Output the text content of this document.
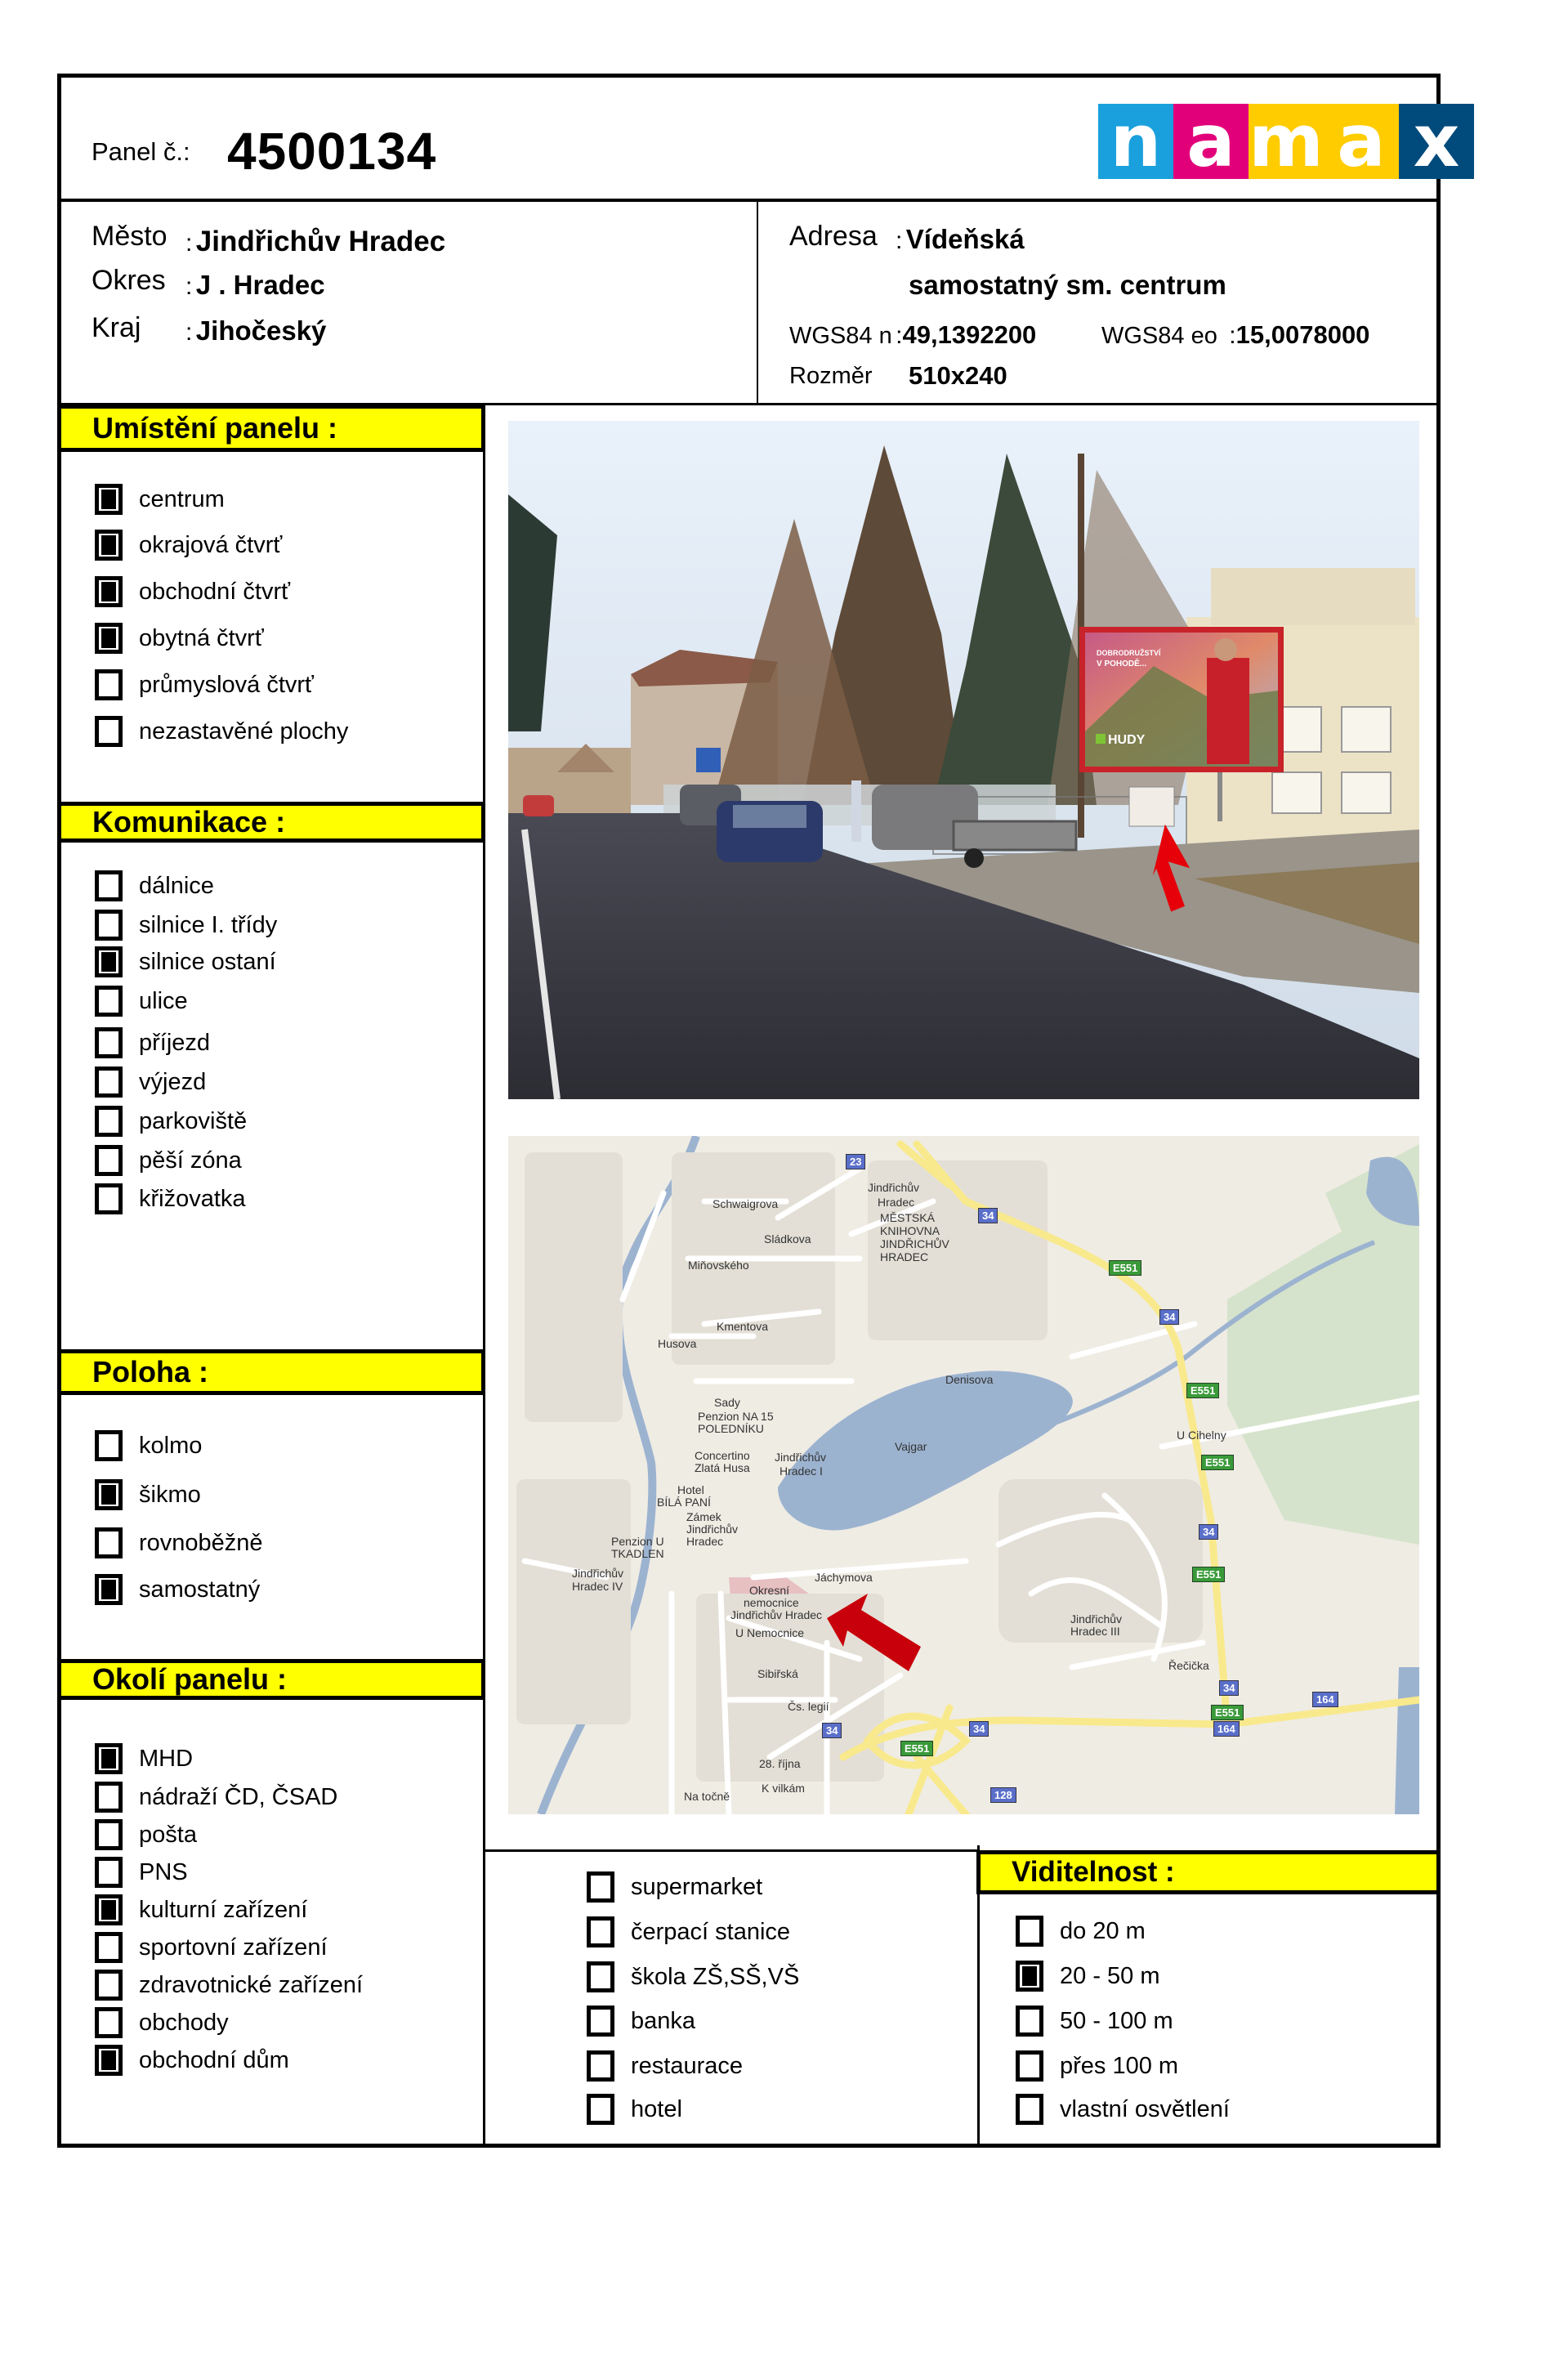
Panel č.: 4500134	n a m a x
Město : Jindřichův Hradec
Okres : J . Hradec
Kraj : Jihočeský
Adresa : Vídeňská
samostatný sm. centrum
WGS84 n :49,1392200	WGS84 eo :15,0078000
Rozměr 510x240
Umístění panelu :
centrum
okrajová čtvrť
obchodní čtvrť
obytná čtvrť
průmyslová čtvrť
nezastavěné plochy
Komunikace :
dálnice
silnice I. třídy
silnice ostaní
ulice
příjezd
výjezd
parkoviště
pěší zóna
křižovatka
Poloha :
kolmo
šikmo
rovnoběžně
samostatný
Okolí panelu :
MHD
nádraží ČD, ČSAD
pošta
PNS
kulturní zařízení
sportovní zařízení
zdravotnické zařízení
obchody
obchodní dům
DOBRODRUŽSTVÍ
V POHODĚ...
HUDY
Jindřichův
Hradec
MĚSTSKÁ
KNIHOVNA
JINDŘICHŮV
HRADEC
Schwaigrova
Sládkova
Miňovského
Kmentova
Husova
Sady
Penzion NA 15
POLEDNÍKU
Concertino
Zlatá Husa
Jindřichův
Hradec I
Vajgar
Denisova
Hotel
BÍLÁ PANÍ
Zámek
Jindřichův
Hradec
Penzion U
TKADLEN
Jindřichův
Hradec IV
Jáchymova
Okresní
nemocnice
Jindřichův Hradec
U Nemocnice
Sibiřská
Čs. legií
28. října
K vilkám
Na točně
Jindřichův
Hradec III
U Cihelny
Řečička
23
34
E551
34
E551
E551
34
E551
34
E551
164
164
34
34
E551
128
supermarket
čerpací stanice
škola ZŠ,SŠ,VŠ
banka
restaurace
hotel
Viditelnost :
do 20 m
20 - 50 m
50 - 100 m
přes 100 m
vlastní osvětlení
